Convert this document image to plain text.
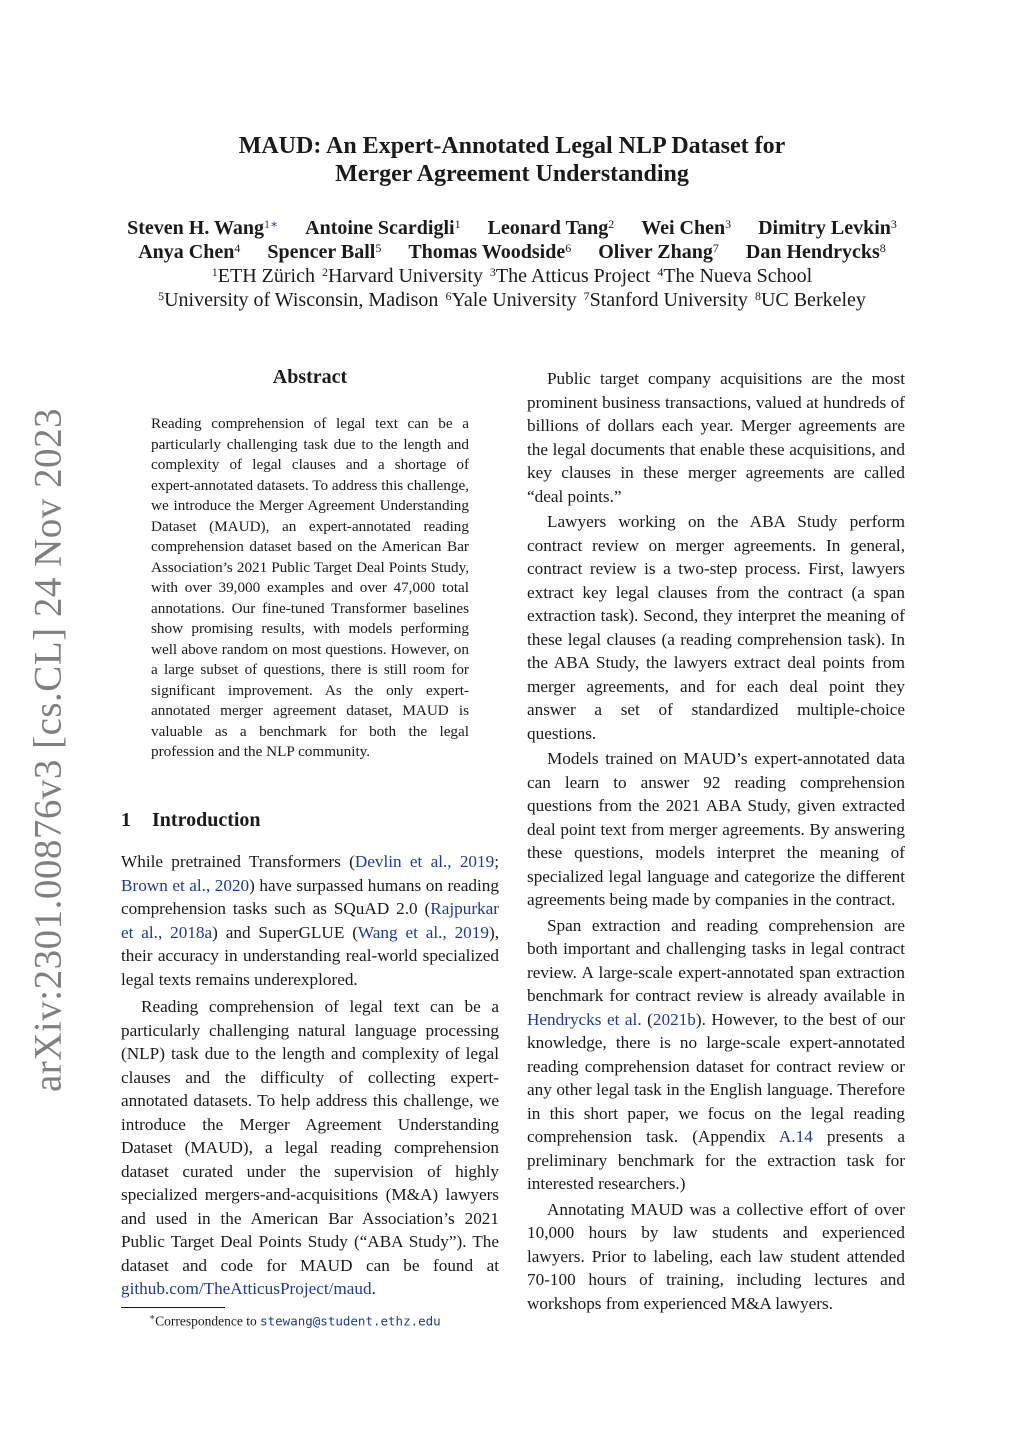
arXiv:2301.00876v3 [cs.CL] 24 Nov 2023
MAUD: An Expert-Annotated Legal NLP Dataset for
Merger Agreement Understanding
Steven H. Wang$^{1∗}$ Antoine Scardigli$^1$ Leonard Tang$^2$ Wei Chen$^3$ Dimitry Levkin$^3$
Anya Chen$^4$ Spencer Ball$^5$ Thomas Woodside$^6$ Oliver Zhang$^7$ Dan Hendrycks$^8$
$^1$ETH Zürich $^2$Harvard University $^3$The Atticus Project $^4$The Nueva School
$^5$University of Wisconsin, Madison $^6$Yale University $^7$Stanford University $^8$UC Berkeley
Abstract
Reading comprehension of legal text can be a particularly challenging task due to the length and complexity of legal clauses and a shortage of expert-annotated datasets. To address this challenge, we introduce the Merger Agreement Understanding Dataset (MAUD), an expert-annotated reading comprehension dataset based on the American Bar Association’s 2021 Public Target Deal Points Study, with over 39,000 examples and over 47,000 total annotations. Our fine-tuned Transformer baselines show promising results, with models performing well above random on most questions. However, on a large subset of questions, there is still room for significant improvement. As the only expert-annotated merger agreement dataset, MAUD is valuable as a benchmark for both the legal profession and the NLP community.
1 Introduction

While pretrained Transformers (Devlin et al., 2019; Brown et al., 2020) have surpassed humans on reading comprehension tasks such as SQuAD 2.0 (Rajpurkar et al., 2018a) and SuperGLUE (Wang et al., 2019), their accuracy in understanding real-world specialized legal texts remains underexplored.

Reading comprehension of legal text can be a particularly challenging natural language processing (NLP) task due to the length and complexity of legal clauses and the difficulty of collecting expert-annotated datasets. To help address this challenge, we introduce the Merger Agreement Understanding Dataset (MAUD), a legal reading comprehension dataset curated under the supervision of highly specialized mergers-and-acquisitions (M&A) lawyers and used in the American Bar Association’s 2021 Public Target Deal Points Study (“ABA Study”). The dataset and code for MAUD can be found at github.com/TheAtticusProject/maud.

∗Correspondence to stewang@student.ethz.edu

Public target company acquisitions are the most prominent business transactions, valued at hundreds of billions of dollars each year. Merger agreements are the legal documents that enable these acquisitions, and key clauses in these merger agreements are called “deal points.”

Lawyers working on the ABA Study perform contract review on merger agreements. In general, contract review is a two-step process. First, lawyers extract key legal clauses from the contract (a span extraction task). Second, they interpret the meaning of these legal clauses (a reading comprehension task). In the ABA Study, the lawyers extract deal points from merger agreements, and for each deal point they answer a set of standardized multiple-choice questions.

Models trained on MAUD’s expert-annotated data can learn to answer 92 reading comprehension questions from the 2021 ABA Study, given extracted deal point text from merger agreements. By answering these questions, models interpret the meaning of specialized legal language and categorize the different agreements being made by companies in the contract.

Span extraction and reading comprehension are both important and challenging tasks in legal contract review. A large-scale expert-annotated span extraction benchmark for contract review is already available in Hendrycks et al. (2021b). However, to the best of our knowledge, there is no large-scale expert-annotated reading comprehension dataset for contract review or any other legal task in the English language. Therefore in this short paper, we focus on the legal reading comprehension task. (Appendix A.14 presents a preliminary benchmark for the extraction task for interested researchers.)

Annotating MAUD was a collective effort of over 10,000 hours by law students and experienced lawyers. Prior to labeling, each law student attended 70-100 hours of training, including lectures and workshops from experienced M&A lawyers.
